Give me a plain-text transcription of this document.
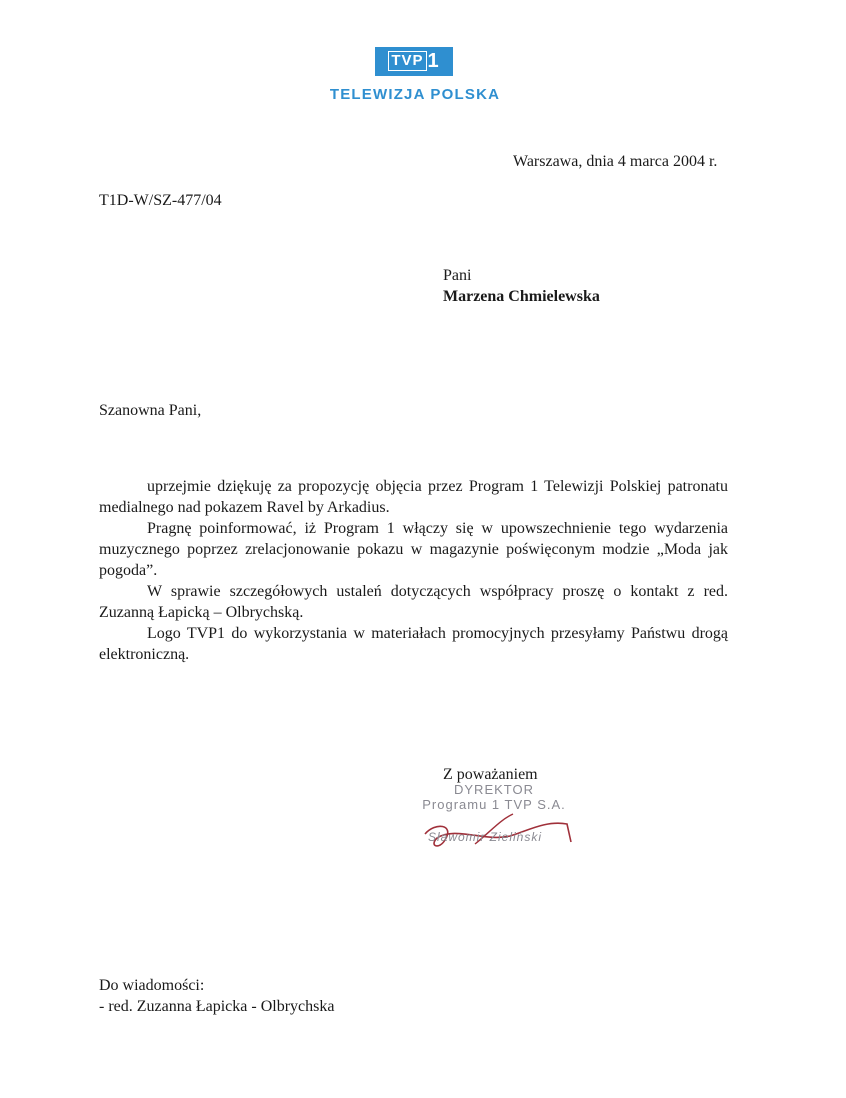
TVP 1
TELEWIZJA POLSKA
Warszawa, dnia 4 marca 2004 r.
T1D-W/SZ-477/04
Pani
Marzena Chmielewska
Szanowna Pani,

uprzejmie dziękuję za propozycję objęcia przez Program 1 Telewizji Polskiej patronatu medialnego nad pokazem Ravel by Arkadius.

Pragnę poinformować, iż Program 1 włączy się w upowszechnienie tego wydarzenia muzycznego poprzez zrelacjonowanie pokazu w magazynie poświęconym modzie „Moda jak pogoda”.

W sprawie szczegółowych ustaleń dotyczących współpracy proszę o kontakt z red. Zuzanną Łapicką – Olbrychską.

Logo TVP1 do wykorzystania w materiałach promocyjnych przesyłamy Państwu drogą elektroniczną.

Z poważaniem
DYREKTOR
Programu 1 TVP S.A.
Sławomir Zieliński
Do wiadomości:
- red. Zuzanna Łapicka - Olbrychska
